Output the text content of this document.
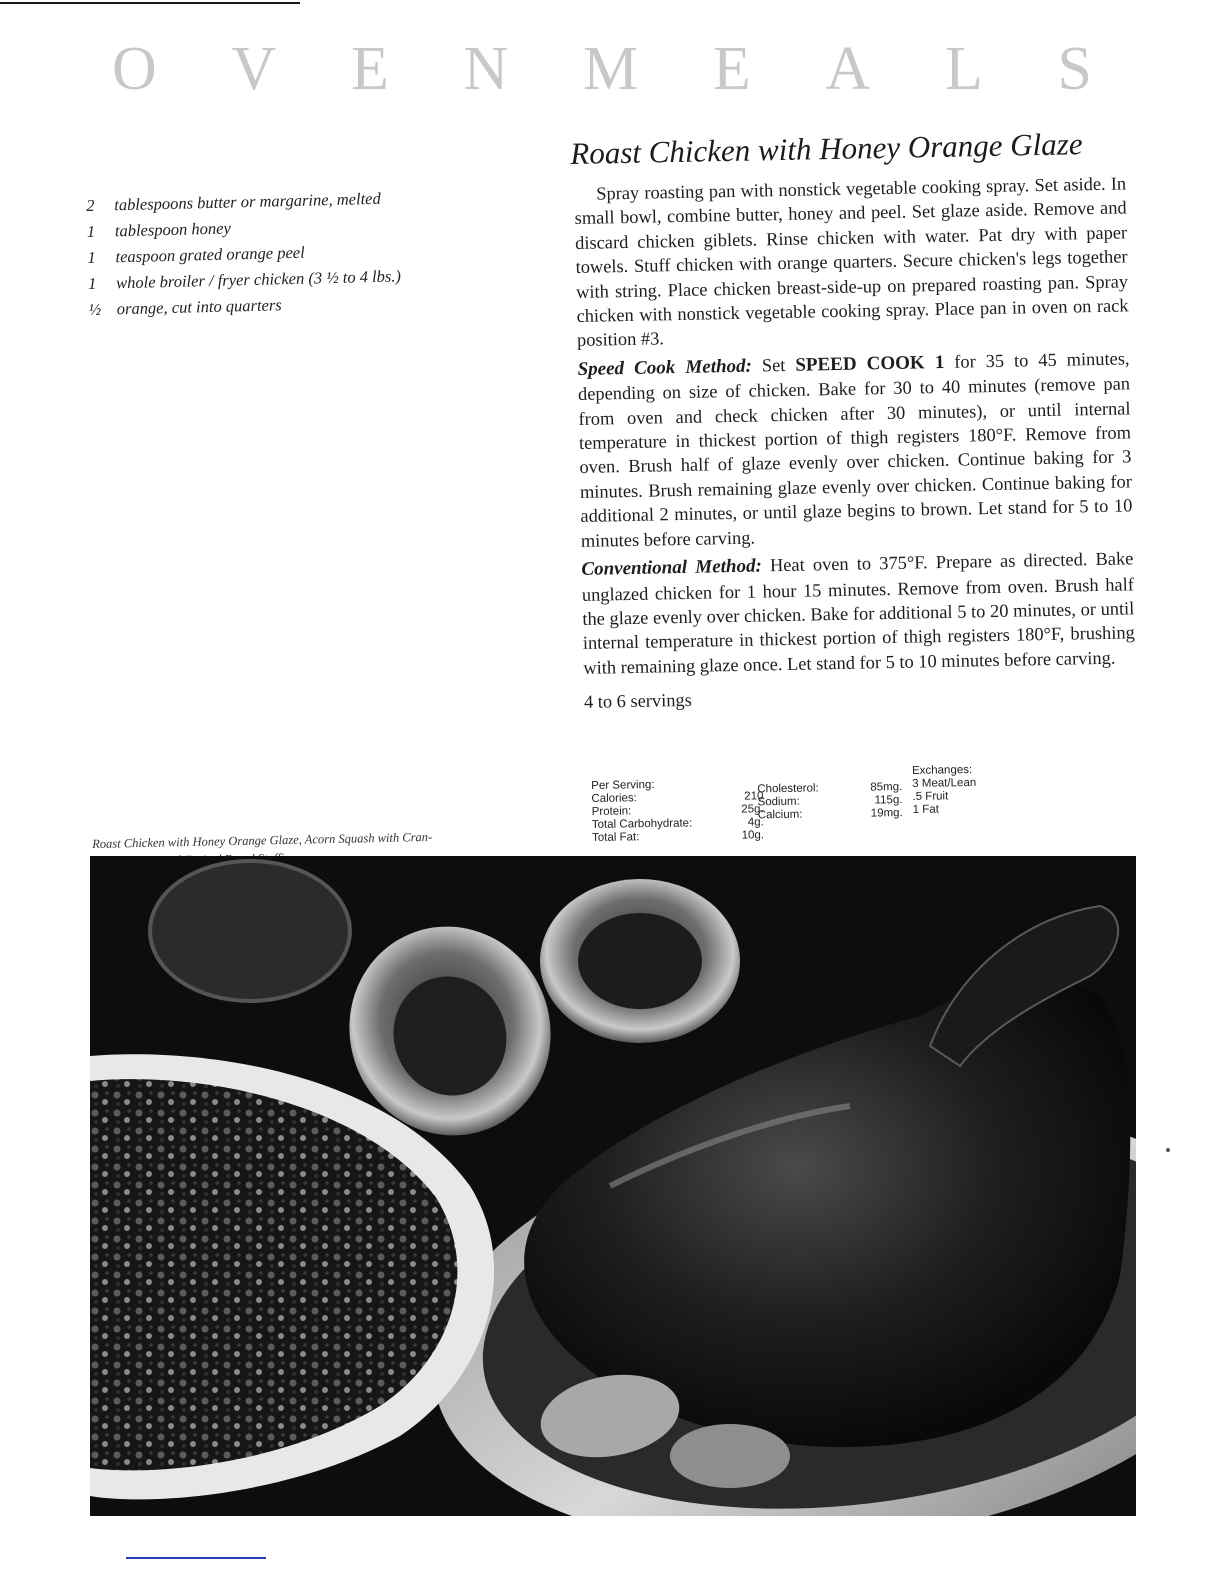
O V E N M E A L S
Roast Chicken with Honey Orange Glaze
2	tablespoons butter or margarine, melted
1	tablespoon honey
1	teaspoon grated orange peel
1	whole broiler / fryer chicken (3 ½ to 4 lbs.)
½ orange, cut into quarters

Spray roasting pan with nonstick vegetable cooking spray. Set aside. In small bowl, combine butter, honey and peel. Set glaze aside. Remove and discard chicken giblets. Rinse chicken with water. Pat dry with paper towels. Stuff chicken with orange quarters. Secure chicken's legs together with string. Place chicken breast-side-up on prepared roasting pan. Spray chicken with nonstick vegetable cooking spray. Place pan in oven on rack position #3.

Speed Cook Method: Set SPEED COOK 1 for 35 to 45 minutes, depending on size of chicken. Bake for 30 to 40 minutes (remove pan from oven and check chicken after 30 minutes), or until internal temperature in thickest portion of thigh registers 180°F. Remove from oven. Brush half of glaze evenly over chicken. Continue baking for 3 minutes. Brush remaining glaze evenly over chicken. Continue baking for additional 2 minutes, or until glaze begins to brown. Let stand for 5 to 10 minutes before carving.

Conventional Method: Heat oven to 375°F. Prepare as directed. Bake unglazed chicken for 1 hour 15 minutes. Remove from oven. Brush half the glaze evenly over chicken. Bake for additional 5 to 20 minutes, or until internal temperature in thickest portion of thigh registers 180°F, brushing with remaining glaze once. Let stand for 5 to 10 minutes before carving.

4 to 6 servings

Per Serving:
Calories:	210
Protein:	25g.
Total Carbohydrate:	4g.
Total Fat:	10g.
Cholesterol:	85mg.
Sodium:	115g.
Calcium:	19mg.
Exchanges:
3 Meat/Lean
.5 Fruit
1 Fat
Roast Chicken with Honey Orange Glaze, Acorn Squash with Cran-Apple
